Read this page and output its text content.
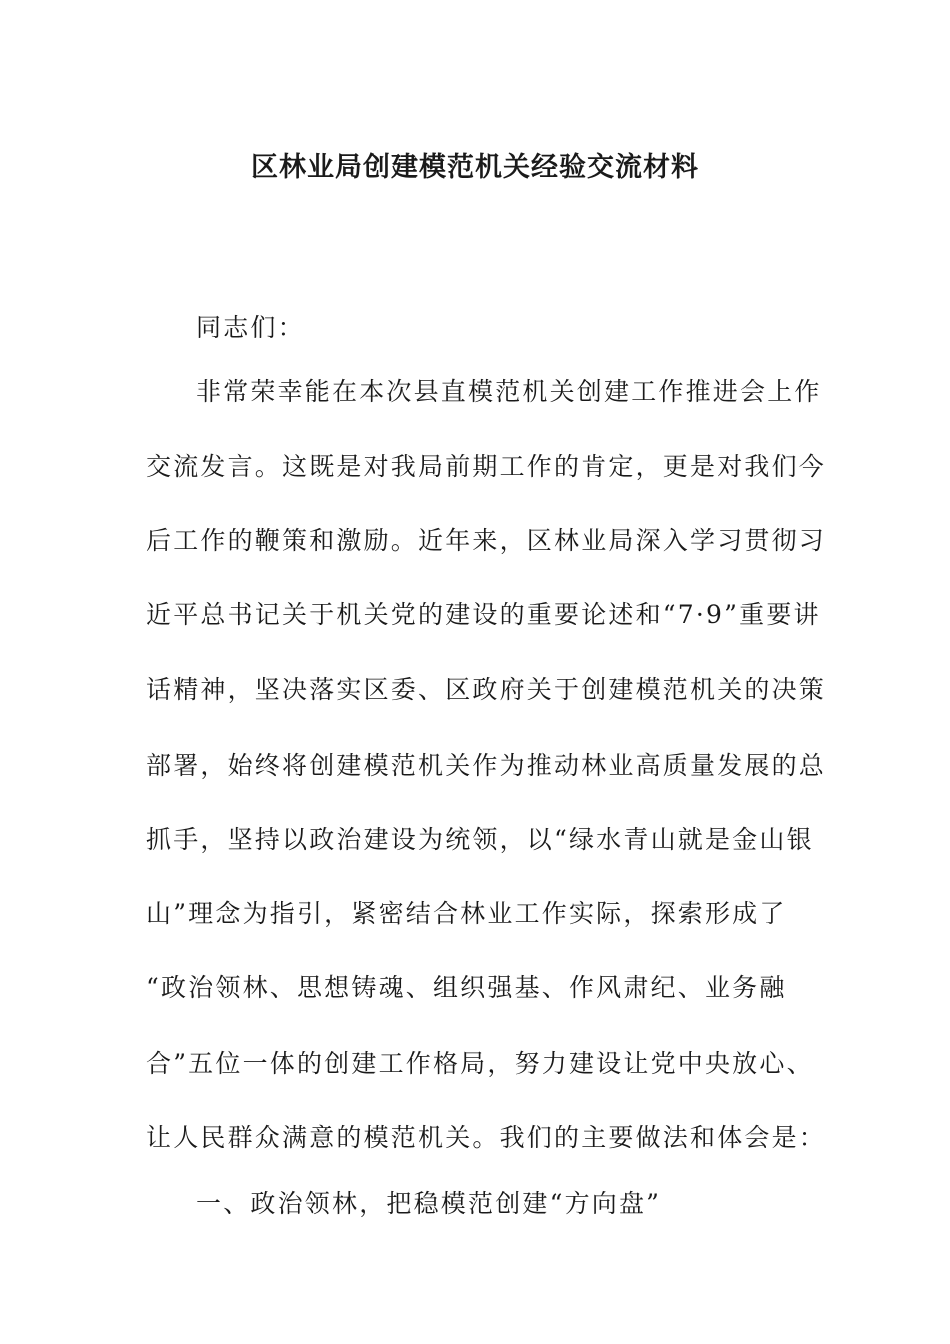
区林业局创建模范机关经验交流材料
同志们：
非常荣幸能在本次县直模范机关创建工作推进会上作
交流发言。这既是对我局前期工作的肯定，更是对我们今
后工作的鞭策和激励。近年来，区林业局深入学习贯彻习
近平总书记关于机关党的建设的重要论述和“7·9”重要讲
话精神，坚决落实区委、区政府关于创建模范机关的决策
部署，始终将创建模范机关作为推动林业高质量发展的总
抓手，坚持以政治建设为统领，以“绿水青山就是金山银
山”理念为指引，紧密结合林业工作实际，探索形成了
“政治领林、思想铸魂、组织强基、作风肃纪、业务融
合”五位一体的创建工作格局，努力建设让党中央放心、
让人民群众满意的模范机关。我们的主要做法和体会是：
一、政治领林，把稳模范创建“方向盘”
